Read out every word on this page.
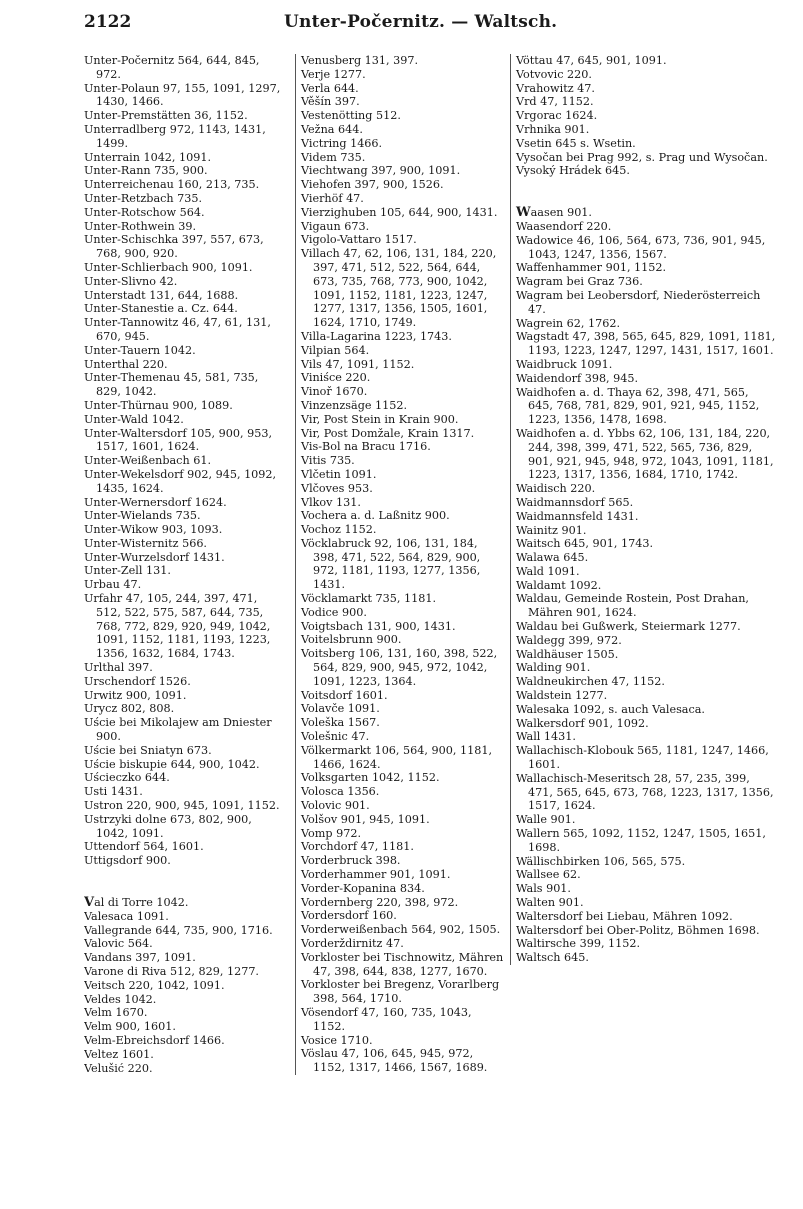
2122	Unter-Počernitz. — Waltsch.

Unter-Počernitz 564, 644, 845, 972.

Unter-Polaun 97, 155, 1091, 1297, 1430, 1466.

Unter-Premstätten 36, 1152.

Unterradlberg 972, 1143, 1431, 1499.

Unterrain 1042, 1091.

Unter-Rann 735, 900.

Unterreichenau 160, 213, 735.

Unter-Retzbach 735.

Unter-Rotschow 564.

Unter-Rothwein 39.

Unter-Schischka 397, 557, 673, 768, 900, 920.

Unter-Schlierbach 900, 1091.

Unter-Slivno 42.

Unterstadt 131, 644, 1688.

Unter-Stanestie a. Cz. 644.

Unter-Tannowitz 46, 47, 61, 131, 670, 945.

Unter-Tauern 1042.

Unterthal 220.

Unter-Themenau 45, 581, 735, 829, 1042.

Unter-Thürnau 900, 1089.

Unter-Wald 1042.

Unter-Waltersdorf 105, 900, 953, 1517, 1601, 1624.

Unter-Weißenbach 61.

Unter-Wekelsdorf 902, 945, 1092, 1435, 1624.

Unter-Wernersdorf 1624.

Unter-Wielands 735.

Unter-Wikow 903, 1093.

Unter-Wisternitz 566.

Unter-Wurzelsdorf 1431.

Unter-Zell 131.

Urbau 47.

Urfahr 47, 105, 244, 397, 471, 512, 522, 575, 587, 644, 735, 768, 772, 829, 920, 949, 1042, 1091, 1152, 1181, 1193, 1223, 1356, 1632, 1684, 1743.

Urlthal 397.

Urschendorf 1526.

Urwitz 900, 1091.

Urycz 802, 808.

Uście bei Mikolajew am Dniester 900.

Uście bei Sniatyn 673.

Uście biskupie 644, 900, 1042.

Uścieczko 644.

Usti 1431.

Ustron 220, 900, 945, 1091, 1152.

Ustrzyki dolne 673, 802, 900, 1042, 1091.

Uttendorf 564, 1601.

Uttigsdorf 900.

Val di Torre 1042.

Valesaca 1091.

Vallegrande 644, 735, 900, 1716.

Valovic 564.

Vandans 397, 1091.

Varone di Riva 512, 829, 1277.

Veitsch 220, 1042, 1091.

Veldes 1042.

Velm 1670.

Velm 900, 1601.

Velm-Ebreichsdorf 1466.

Veltez 1601.

Velušić 220.

Venusberg 131, 397.

Verje 1277.

Verla 644.

Věšín 397.

Vestenötting 512.

Vežna 644.

Victring 1466.

Videm 735.

Viechtwang 397, 900, 1091.

Viehofen 397, 900, 1526.

Vierhöf 47.

Vierzighuben 105, 644, 900, 1431.

Vigaun 673.

Vigolo-Vattaro 1517.

Villach 47, 62, 106, 131, 184, 220, 397, 471, 512, 522, 564, 644, 673, 735, 768, 773, 900, 1042, 1091, 1152, 1181, 1223, 1247, 1277, 1317, 1356, 1505, 1601, 1624, 1710, 1749.

Villa-Lagarina 1223, 1743.

Vilpian 564.

Vils 47, 1091, 1152.

Viniśce 220.

Vinoř 1670.

Vinzenzsäge 1152.

Vir, Post Stein in Krain 900.

Vir, Post Domžale, Krain 1317.

Vis-Bol na Bracu 1716.

Vitis 735.

Vlčetin 1091.

Vlčoves 953.

Vlkov 131.

Vochera a. d. Laßnitz 900.

Vochoz 1152.

Vöcklabruck 92, 106, 131, 184, 398, 471, 522, 564, 829, 900, 972, 1181, 1193, 1277, 1356, 1431.

Vöcklamarkt 735, 1181.

Vodice 900.

Voigtsbach 131, 900, 1431.

Voitelsbrunn 900.

Voitsberg 106, 131, 160, 398, 522, 564, 829, 900, 945, 972, 1042, 1091, 1223, 1364.

Voitsdorf 1601.

Volavče 1091.

Voleška 1567.

Volešnic 47.

Völkermarkt 106, 564, 900, 1181, 1466, 1624.

Volksgarten 1042, 1152.

Volosca 1356.

Volovic 901.

Volšov 901, 945, 1091.

Vomp 972.

Vorchdorf 47, 1181.

Vorderbruck 398.

Vorderhammer 901, 1091.

Vorder-Kopanina 834.

Vordernberg 220, 398, 972.

Vordersdorf 160.

Vorderweißenbach 564, 902, 1505.

Vorderždirnitz 47.

Vorkloster bei Tischnowitz, Mähren 47, 398, 644, 838, 1277, 1670.

Vorkloster bei Bregenz, Vorarlberg 398, 564, 1710.

Vösendorf 47, 160, 735, 1043, 1152.

Vosice 1710.

Vöslau 47, 106, 645, 945, 972, 1152, 1317, 1466, 1567, 1689.

Vöttau 47, 645, 901, 1091.

Votvovic 220.

Vrahowitz 47.

Vrd 47, 1152.

Vrgorac 1624.

Vrhnika 901.

Vsetin 645 s. Wsetin.

Vysočan bei Prag 992, s. Prag und Wysočan.

Vysoký Hrádek 645.

Waasen 901.

Waasendorf 220.

Wadowice 46, 106, 564, 673, 736, 901, 945, 1043, 1247, 1356, 1567.

Waffenhammer 901, 1152.

Wagram bei Graz 736.

Wagram bei Leobersdorf, Niederösterreich 47.

Wagrein 62, 1762.

Wagstadt 47, 398, 565, 645, 829, 1091, 1181, 1193, 1223, 1247, 1297, 1431, 1517, 1601.

Waidbruck 1091.

Waidendorf 398, 945.

Waidhofen a. d. Thaya 62, 398, 471, 565, 645, 768, 781, 829, 901, 921, 945, 1152, 1223, 1356, 1478, 1698.

Waidhofen a. d. Ybbs 62, 106, 131, 184, 220, 244, 398, 399, 471, 522, 565, 736, 829, 901, 921, 945, 948, 972, 1043, 1091, 1181, 1223, 1317, 1356, 1684, 1710, 1742.

Waidisch 220.

Waidmannsdorf 565.

Waidmannsfeld 1431.

Wainitz 901.

Waitsch 645, 901, 1743.

Walawa 645.

Wald 1091.

Waldamt 1092.

Waldau, Gemeinde Rostein, Post Drahan, Mähren 901, 1624.

Waldau bei Gußwerk, Steiermark 1277.

Waldegg 399, 972.

Waldhäuser 1505.

Walding 901.

Waldneukirchen 47, 1152.

Waldstein 1277.

Walesaka 1092, s. auch Valesaca.

Walkersdorf 901, 1092.

Wall 1431.

Wallachisch-Klobouk 565, 1181, 1247, 1466, 1601.

Wallachisch-Meseritsch 28, 57, 235, 399, 471, 565, 645, 673, 768, 1223, 1317, 1356, 1517, 1624.

Walle 901.

Wallern 565, 1092, 1152, 1247, 1505, 1651, 1698.

Wällischbirken 106, 565, 575.

Wallsee 62.

Wals 901.

Walten 901.

Waltersdorf bei Liebau, Mähren 1092.

Waltersdorf bei Ober-Politz, Böhmen 1698.

Waltirsche 399, 1152.

Waltsch 645.
